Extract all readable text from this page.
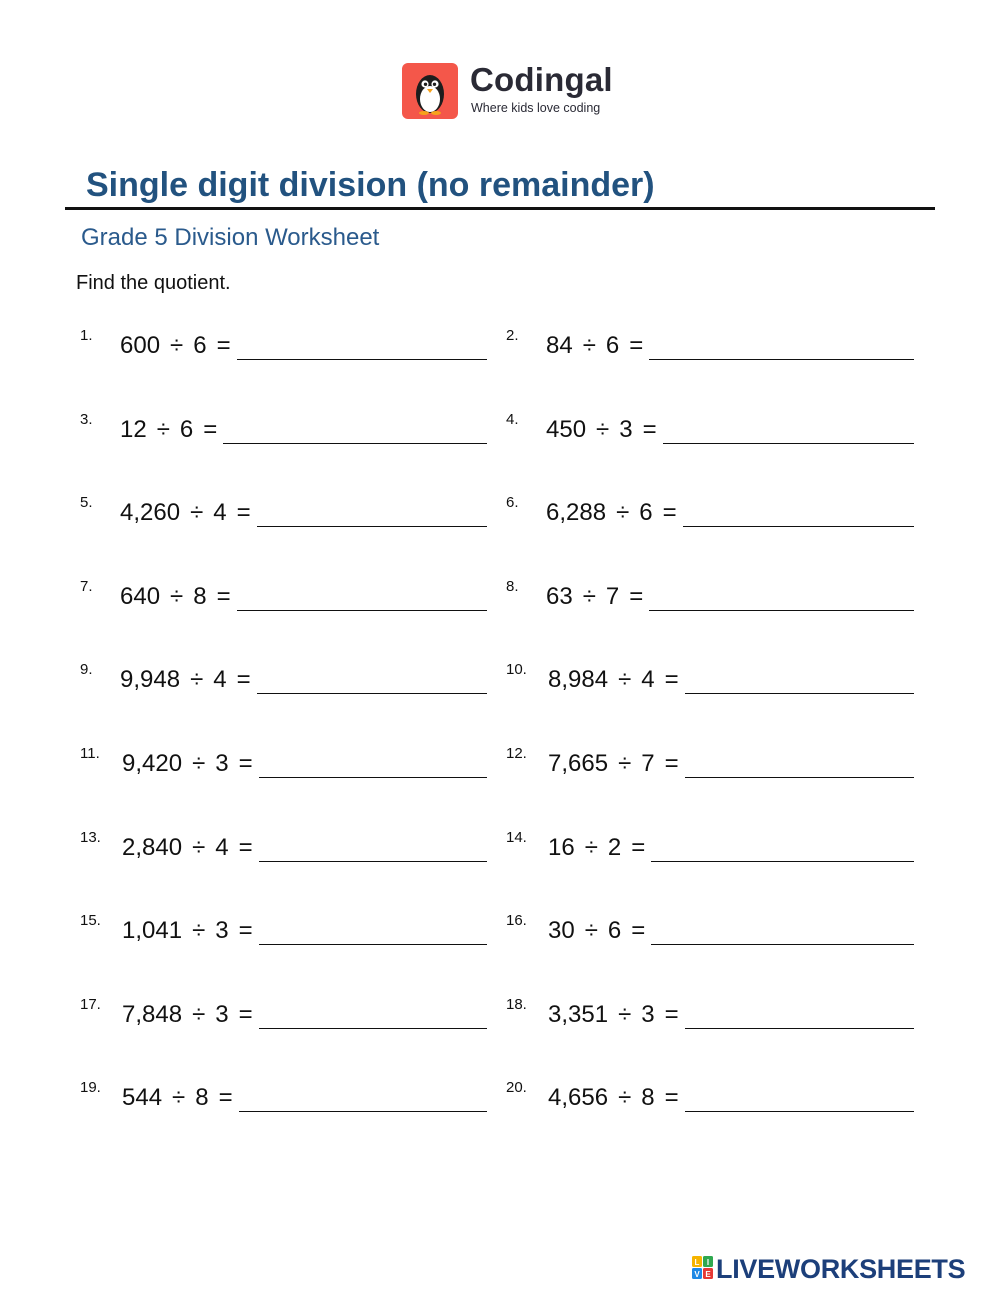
Codingal
Where kids love coding
Single digit division (no remainder)
Grade 5 Division Worksheet
Find the quotient.
1. 600 ÷ 6 =	2. 84 ÷ 6 =
3. 12 ÷ 6 =	4. 450 ÷ 3 =
5. 4,260 ÷ 4 =	6. 6,288 ÷ 6 =
7. 640 ÷ 8 =	8. 63 ÷ 7 =
9. 9,948 ÷ 4 =	10. 8,984 ÷ 4 =
11. 9,420 ÷ 3 =	12. 7,665 ÷ 7 =
13. 2,840 ÷ 4 =	14. 16 ÷ 2 =
15. 1,041 ÷ 3 =	16. 30 ÷ 6 =
17. 7,848 ÷ 3 =	18. 3,351 ÷ 3 =
19. 544 ÷ 8 =	20. 4,656 ÷ 8 =
L I
V E LIVEWORKSHEETS
